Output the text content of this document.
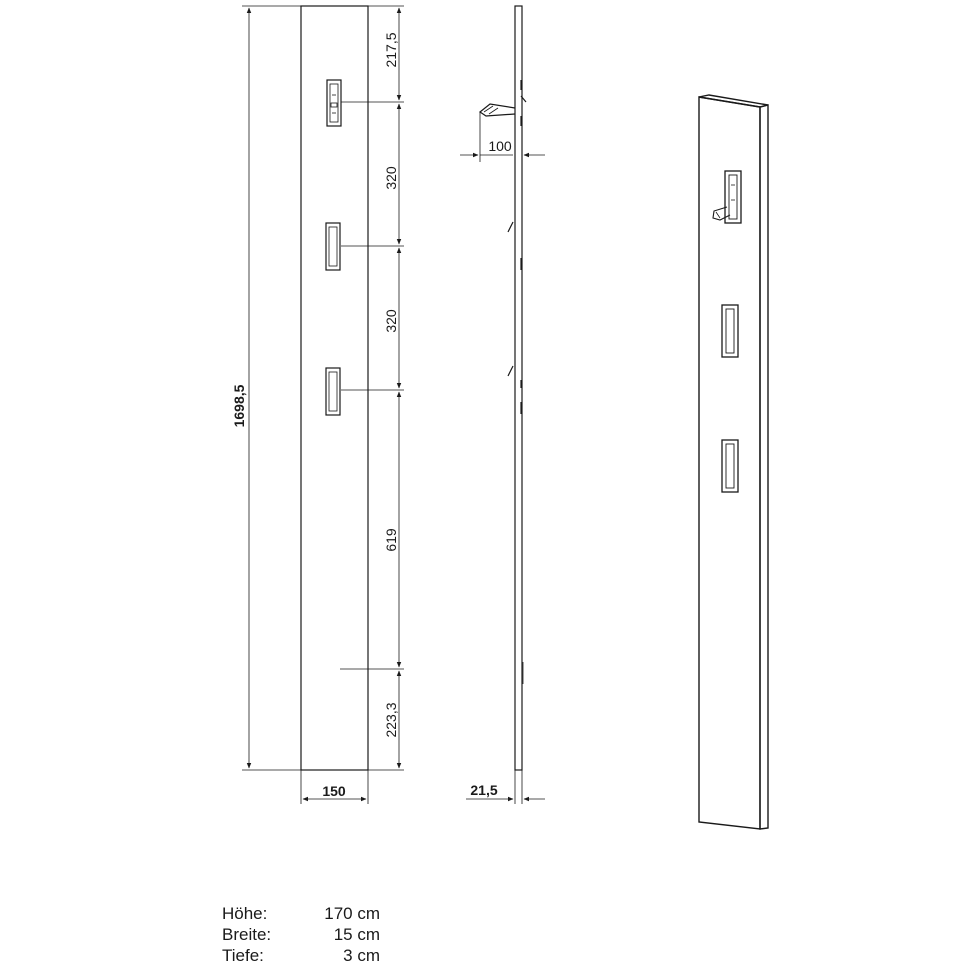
1698,5
217,5
320
320
619
223,3
150
100
21,5
Höhe:	170 cm
Breite:	15 cm
Tiefe:	3 cm
